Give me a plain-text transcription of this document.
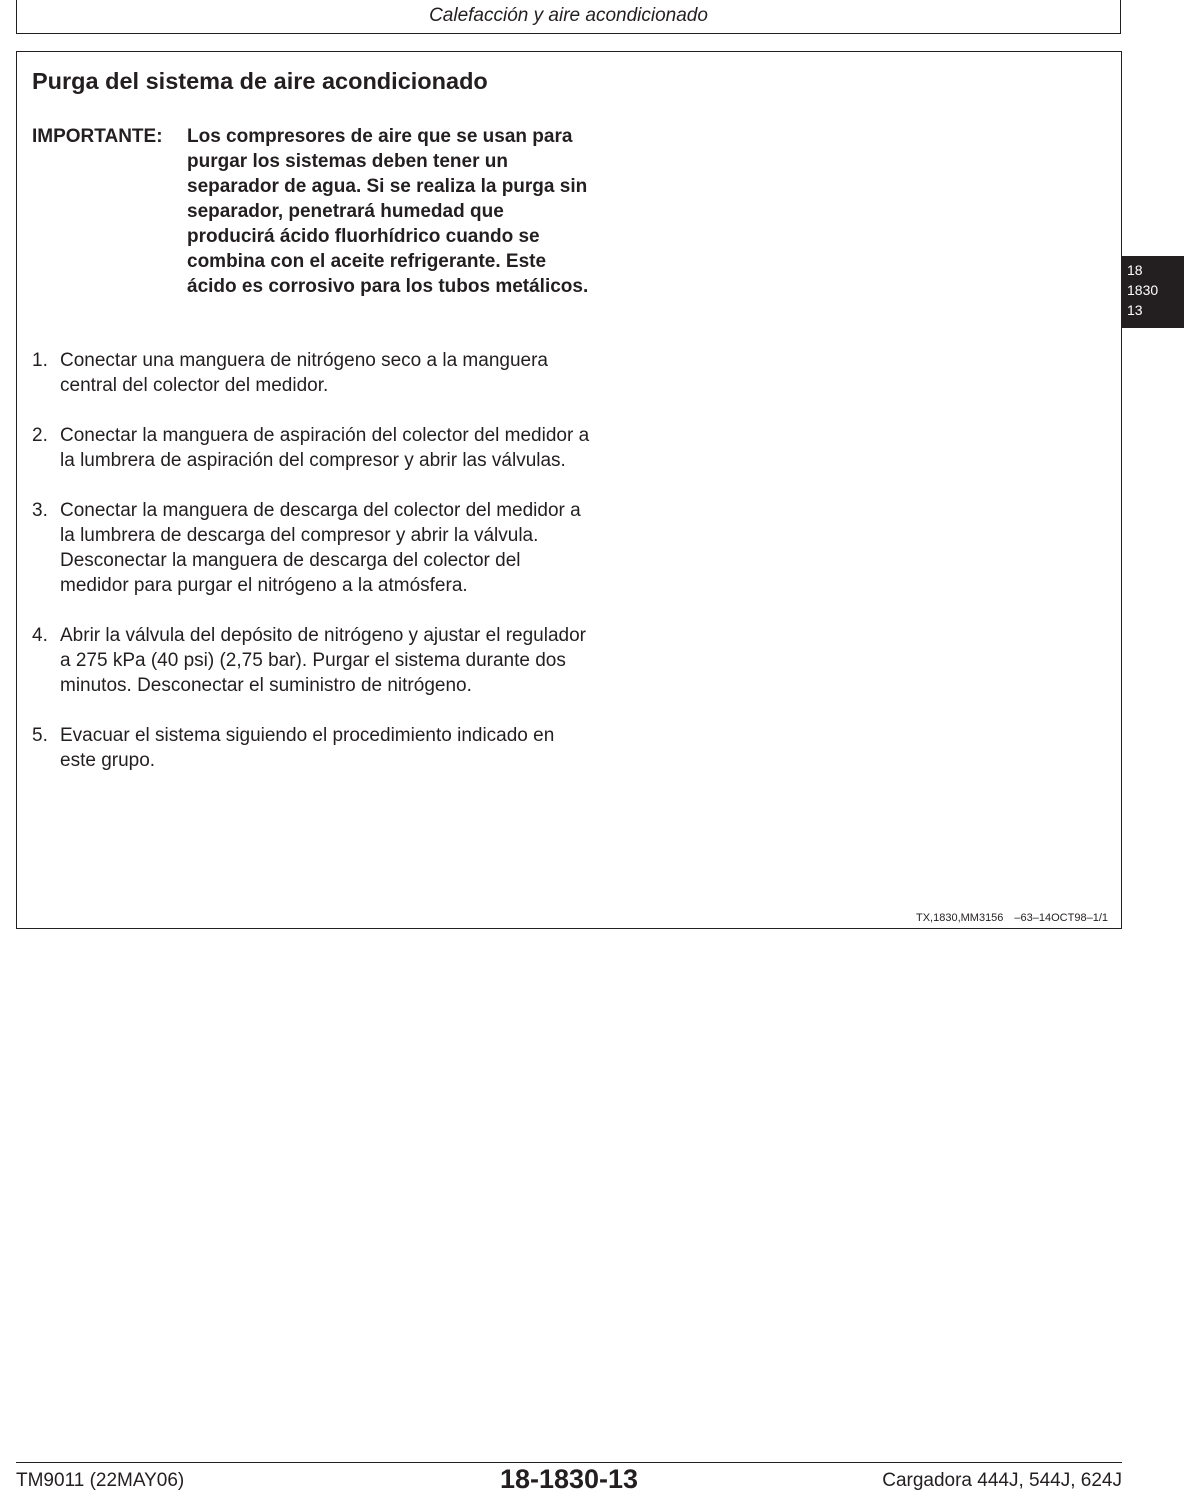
Calefacción y aire acondicionado
Purga del sistema de aire acondicionado
IMPORTANTE:	Los compresores de aire que se usan para purgar los sistemas deben tener un separador de agua. Si se realiza la purga sin separador, penetrará humedad que producirá ácido fluorhídrico cuando se combina con el aceite refrigerante. Este ácido es corrosivo para los tubos metálicos.
1. Conectar una manguera de nitrógeno seco a la manguera central del colector del medidor.
2. Conectar la manguera de aspiración del colector del medidor a la lumbrera de aspiración del compresor y abrir las válvulas.
3. Conectar la manguera de descarga del colector del medidor a la lumbrera de descarga del compresor y abrir la válvula. Desconectar la manguera de descarga del colector del medidor para purgar el nitrógeno a la atmósfera.
4. Abrir la válvula del depósito de nitrógeno y ajustar el regulador a 275 kPa (40 psi) (2,75 bar). Purgar el sistema durante dos minutos. Desconectar el suministro de nitrógeno.
5. Evacuar el sistema siguiendo el procedimiento indicado en este grupo.
TX,1830,MM3156 –63–14OCT98–1/1
18
1830
13
TM9011 (22MAY06)	18-1830-13	Cargadora 444J, 544J, 624J
